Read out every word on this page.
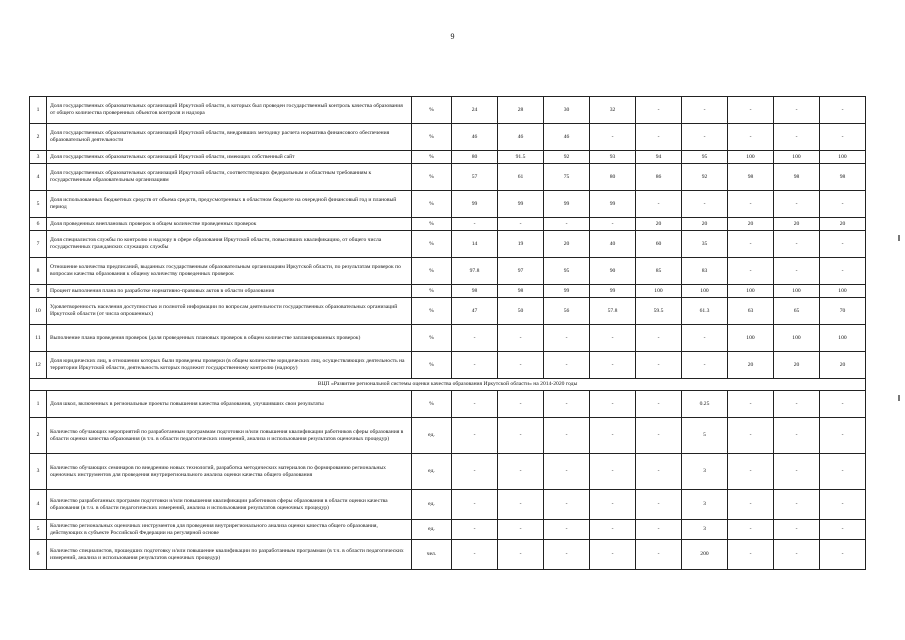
9
1	Доля государственных образовательных организаций Иркутской области, в которых был проведен государственный контроль качества образования от общего количества проверенных объектов контроля и надзора	%	24	28	30	32	-	-	-	-	-
2	Доля государственных образовательных организаций Иркутской области, внедривших методику расчета норматива финансового обеспечения образовательной деятельности	%	46	46	46	-	-	-	-	-	-
3	Доля государственных образовательных организаций Иркутской области, имеющих собственный сайт	%	80	91.5	92	93	94	95	100	100	100
4	Доля государственных образовательных организаций Иркутской области, соответствующих федеральным и областным требованиям к государственным образовательным организациям	%	57	61	75	80	86	92	98	98	98
5	Доля использованных бюджетных средств от объема средств, предусмотренных в областном бюджете на очередной финансовый год и плановый период	%	99	99	99	99	-	-	-	-	-
6	Доля проведенных внеплановых проверок в общем количестве проведенных проверок	%	-	-	-	-	20	20	20	20	20
7	Доля специалистов службы по контролю и надзору в сфере образования Иркутской области, повысивших квалификацию, от общего числа государственных гражданских служащих службы	%	14	19	20	40	60	35	-	-	-
8	Отношение количества предписаний, выданных государственным образовательным организациям Иркутской области, по результатам проверок по вопросам качества образования к общему количеству проведенных проверок	%	97.8	97	95	90	85	83	-	-	-
9	Процент выполнения плана по разработке нормативно-правовых актов в области образования	%	98	98	99	99	100	100	100	100	100
10	Удовлетворенность населения доступностью и полнотой информации по вопросам деятельности государственных образовательных организаций Иркутской области (от числа опрошенных)	%	47	50	56	57.8	59.5	61.3	63	65	70
11	Выполнение плана проведения проверок (доля проведенных плановых проверок в общем количестве запланированных проверок)	%	-	-	-	-	-	-	100	100	100
12	Доля юридических лиц, в отношении которых были проведены проверки (в общем количестве юридических лиц, осуществляющих деятельность на территории Иркутской области, деятельность которых подлежит государственному контролю (надзору)	%	-	-	-	-	-	-	20	20	20
ВЦП «Развитие региональной системы оценки качества образования Иркутской области» на 2014-2020 годы											
1	Доля школ, включенных в региональные проекты повышения качества образования, улучшивших свои результаты	%	-	-	-	-	-	0.25	-	-	-
2	Количество обучающих мероприятий по разработанным программам подготовки и/или повышения квалификации работников сферы образования в области оценки качества образования (в т.ч. в области педагогических измерений, анализа и использования результатов оценочных процедур)	ед.	-	-	-	-	-	5	-	-	-
3	Количество обучающих семинаров по внедрению новых технологий, разработка методических материалов по формированию региональных оценочных инструментов для проведения внутрирегионального анализа оценки качества общего образования	ед.	-	-	-	-	-	3	-	-	-
4	Количество разработанных программ подготовки и/или повышения квалификации работников сферы образования в области оценки качества образования (в т.ч. в области педагогических измерений, анализа и использования результатов оценочных процедур)	ед.	-	-	-	-	-	3	-	-	-
5	Количество региональных оценочных инструментов для проведения внутрирегионального анализа оценки качества общего образования, действующих в субъекте Российской Федерации на регулярной основе	ед.	-	-	-	-	-	3	-	-	-
6	Количество специалистов, прошедших подготовку и/или повышение квалификации по разработанным программам (в т.ч. в области педагогических измерений, анализа и использования результатов оценочных процедур)	чел.	-	-	-	-	-	200	-	-	-
